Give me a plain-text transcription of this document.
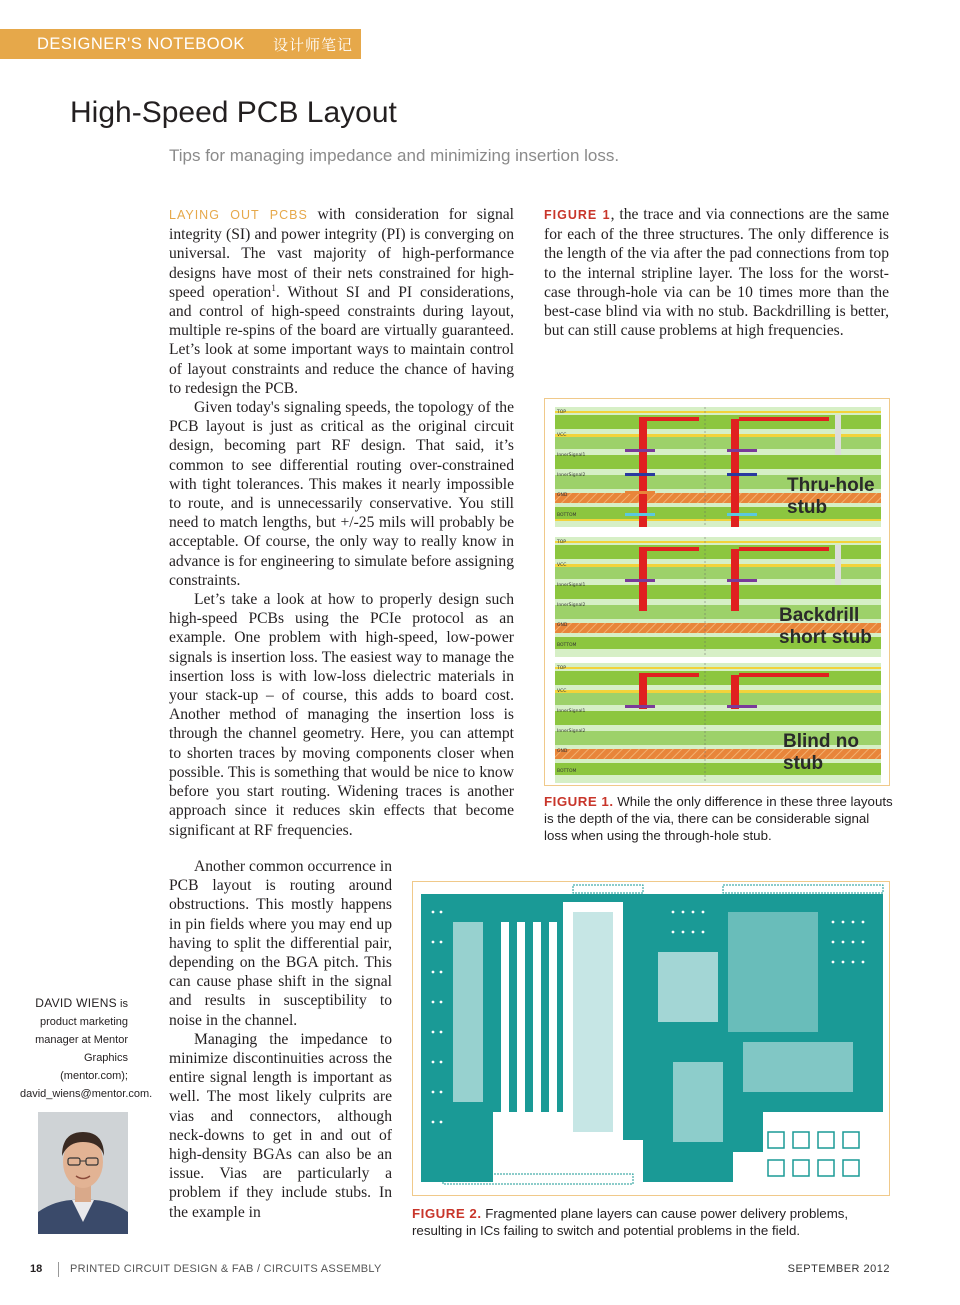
DESIGNER'S NOTEBOOK 设计师笔记
High-Speed PCB Layout
Tips for managing impedance and minimizing insertion loss.

LAYING OUT PCBS with consideration for signal integrity (SI) and power integrity (PI) is converging on universal. The vast majority of high-performance designs have most of their nets constrained for high-speed operation$^1$. Without SI and PI considerations, and control of high-speed constraints during layout, multiple re-spins of the board are virtually guaranteed. Let’s look at some important ways to maintain control of layout constraints and reduce the chance of having to redesign the PCB.

Given today's signaling speeds, the topology of the PCB layout is just as critical as the original circuit design, becoming part RF design. That said, it’s common to see differential routing over-constrained with tight tolerances. This makes it nearly impossible to route, and is unnecessarily conservative. You still need to match lengths, but +/-25 mils will probably be acceptable. Of course, the only way to really know in advance is for engineering to simulate before assigning constraints.

Let’s take a look at how to properly design such high-speed PCBs using the PCIe protocol as an example. One problem with high-speed, low-power signals is insertion loss. The easiest way to manage the insertion loss is with low-loss dielectric materials in your stack-up – of course, this adds to board cost. Another method of managing the insertion loss is through the channel geometry. Here, you can attempt to shorten traces by moving components closer when possible. This is something that would be nice to know before you start routing. Widening traces is another approach since it reduces skin effects that become significant at RF frequencies.

Another common occurrence in PCB layout is routing around obstructions. This mostly happens in pin fields where you may end up having to split the differential pair, depending on the BGA pitch. This can cause phase shift in the signal and results in susceptibility to noise in the channel.

Managing the impedance to minimize discontinuities across the entire signal length is important as well. The most likely culprits are vias and connectors, although neck-downs to get in and out of high-density BGAs can also be an issue. Vias are particularly a problem if they include stubs. In the example in

FIGURE 1, the trace and via connections are the same for each of the three structures. The only difference is the length of the via after the pad connections from top to the internal stripline layer. The loss for the worst-case through-hole via can be 10 times more than the best-case blind via with no stub. Backdrilling is better, but can still cause problems at high frequencies.

DAVID WIENS is product marketing manager at Mentor Graphics (mentor.com); david_wiens@mentor.com.
TOP
VCC
InnerSignal1
InnerSignal2
GND
BOTTOM
Thru-hole stub
TOP
VCC
InnerSignal1
InnerSignal2
GND
BOTTOM
Backdrill short stub
TOP
VCC
InnerSignal1
InnerSignal2
GND
BOTTOM
Blind no stub
FIGURE 1. While the only difference in these three layouts is the depth of the via, there can be considerable signal loss when using the through-hole stub.
FIGURE 2. Fragmented plane layers can cause power delivery problems, resulting in ICs failing to switch and potential problems in the field.
18	PRINTED CIRCUIT DESIGN & FAB / CIRCUITS ASSEMBLY	SEPTEMBER 2012
